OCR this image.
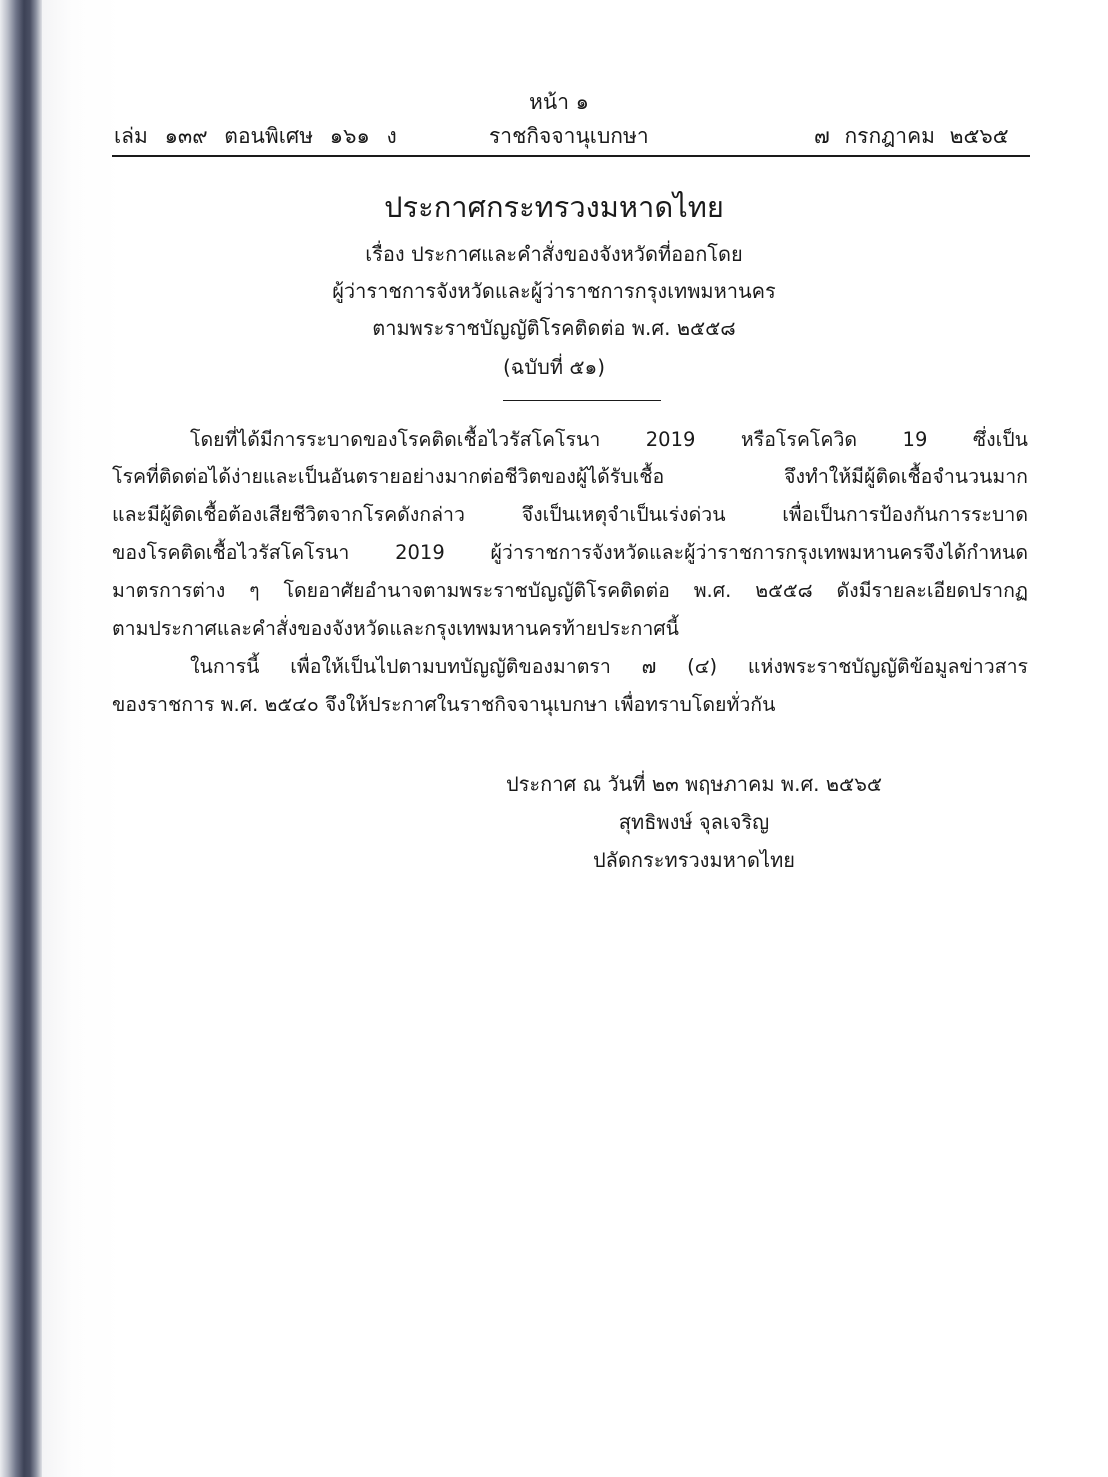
หน้า ๑
เล่ม ๑๓๙ ตอนพิเศษ ๑๖๑ ง	ราชกิจจานุเบกษา	๗ กรกฎาคม ๒๕๖๕
ประกาศกระทรวงมหาดไทย
เรื่อง ประกาศและคำสั่งของจังหวัดที่ออกโดย
ผู้ว่าราชการจังหวัดและผู้ว่าราชการกรุงเทพมหานคร
ตามพระราชบัญญัติโรคติดต่อ พ.ศ. ๒๕๕๘
(ฉบับที่ ๕๑)
โดยที่ได้มีการระบาดของโรคติดเชื้อไวรัสโคโรนา 2019 หรือโรคโควิด 19 ซึ่งเป็น
โรคที่ติดต่อได้ง่ายและเป็นอันตรายอย่างมากต่อชีวิตของผู้ได้รับเชื้อ จึงทำให้มีผู้ติดเชื้อจำนวนมาก
และมีผู้ติดเชื้อต้องเสียชีวิตจากโรคดังกล่าว จึงเป็นเหตุจำเป็นเร่งด่วน เพื่อเป็นการป้องกันการระบาด
ของโรคติดเชื้อไวรัสโคโรนา 2019 ผู้ว่าราชการจังหวัดและผู้ว่าราชการกรุงเทพมหานครจึงได้กำหนด
มาตรการต่าง ๆ โดยอาศัยอำนาจตามพระราชบัญญัติโรคติดต่อ พ.ศ. ๒๕๕๘ ดังมีรายละเอียดปรากฏ
ตามประกาศและคำสั่งของจังหวัดและกรุงเทพมหานครท้ายประกาศนี้
ในการนี้ เพื่อให้เป็นไปตามบทบัญญัติของมาตรา ๗ (๔) แห่งพระราชบัญญัติข้อมูลข่าวสาร
ของราชการ พ.ศ. ๒๕๔๐ จึงให้ประกาศในราชกิจจานุเบกษา เพื่อทราบโดยทั่วกัน
ประกาศ ณ วันที่ ๒๓ พฤษภาคม พ.ศ. ๒๕๖๕
สุทธิพงษ์ จุลเจริญ
ปลัดกระทรวงมหาดไทย
